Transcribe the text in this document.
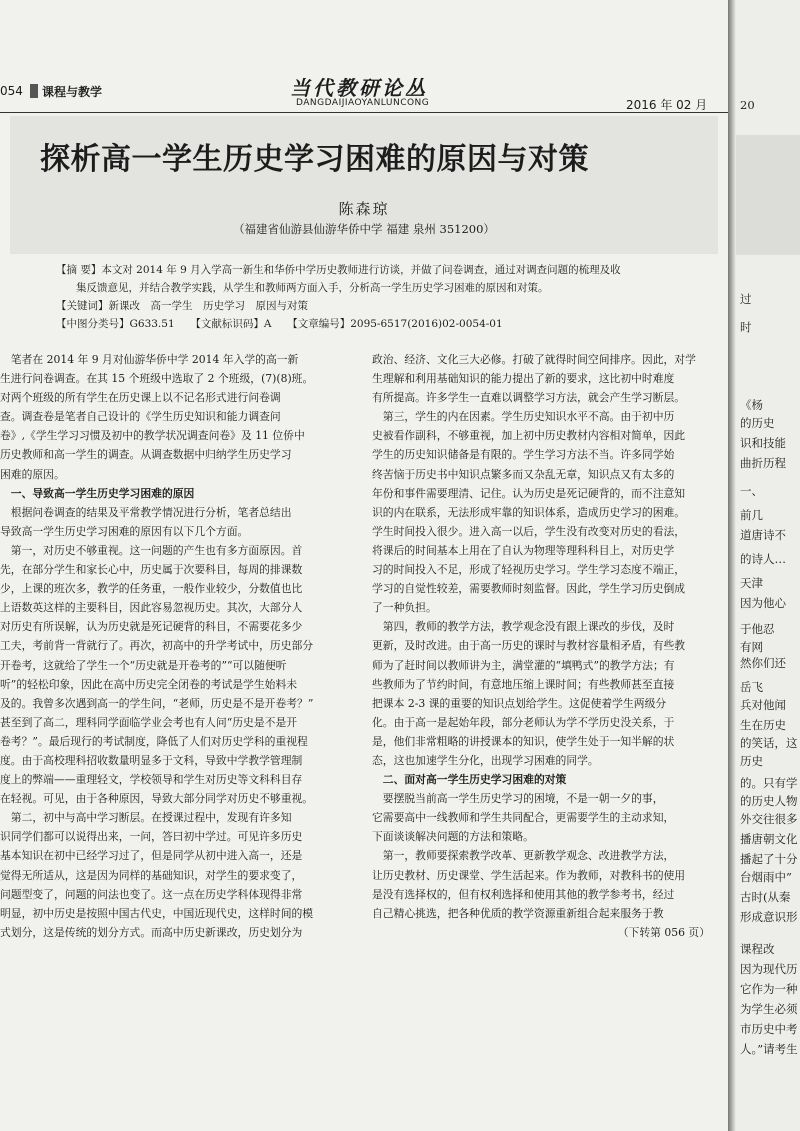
054 课程与教学	当代教研论丛
DANGDAIJIAOYANLUNCONG	2016 年 02 月
探析高一学生历史学习困难的原因与对策
陈森琼
（福建省仙游县仙游华侨中学 福建 泉州 351200）
【摘 要】本文对 2014 年 9 月入学高一新生和华侨中学历史教师进行访谈，并做了问卷调查，通过对调查问题的梳理及收
集反馈意见，并结合教学实践，从学生和教师两方面入手，分析高一学生历史学习困难的原因和对策。
【关键词】新课改　高一学生　历史学习　原因与对策
【中图分类号】G633.51　　【文献标识码】A　　【文章编号】2095-6517(2016)02-0054-01

　笔者在 2014 年 9 月对仙游华侨中学 2014 年入学的高一新

生进行问卷调查。在其 15 个班级中选取了 2 个班级，(7)(8)班。

对两个班级的所有学生在历史课上以不记名形式进行问卷调

查。调查卷是笔者自己设计的《学生历史知识和能力调查问

卷》,《学生学习习惯及初中的教学状况调查问卷》及 11 位侨中

历史教师和高一学生的调查。从调查数据中归纳学生历史学习

困难的原因。

　一、导致高一学生历史学习困难的原因

　根据问卷调查的结果及平常教学情况进行分析，笔者总结出

导致高一学生历史学习困难的原因有以下几个方面。

　第一，对历史不够重视。这一问题的产生也有多方面原因。首

先，在部分学生和家长心中，历史属于次要科目，每周的排课数

少，上课的班次多，教学的任务重，一般作业较少，分数值也比

上语数英这样的主要科目，因此容易忽视历史。其次，大部分人

对历史有所误解，认为历史就是死记硬背的科目，不需要花多少

工夫，考前背一背就行了。再次，初高中的升学考试中，历史部分

开卷考，这就给了学生一个“历史就是开卷考的”“可以随便听

听”的轻松印象，因此在高中历史完全闭卷的考试是学生始料未

及的。我曾多次遇到高一的学生问，“老师，历史是不是开卷考？”

甚至到了高二，理科同学面临学业会考也有人问“历史是不是开

卷考？”。最后现行的考试制度，降低了人们对历史学科的重视程

度。由于高校理科招收数量明显多于文科，导致中学教学管理制

度上的弊端——重理轻文，学校领导和学生对历史等文科科目存

在轻视。可见，由于各种原因，导致大部分同学对历史不够重视。

　第二，初中与高中学习断层。在授课过程中，发现有许多知

识同学们都可以说得出来，一问，答曰初中学过。可见许多历史

基本知识在初中已经学习过了，但是同学从初中进入高一，还是

觉得无所适从，这是因为同样的基础知识，对学生的要求变了，

问题型变了，问题的问法也变了。这一点在历史学科体现得非常

明显，初中历史是按照中国古代史，中国近现代史，这样时间的模

式划分，这是传统的划分方式。而高中历史新课改，历史划分为

政治、经济、文化三大必修。打破了就得时间空间排序。因此，对学

生理解和利用基础知识的能力提出了新的要求，这比初中时难度

有所提高。许多学生一直难以调整学习方法，就会产生学习断层。

　第三，学生的内在因素。学生历史知识水平不高。由于初中历

史被看作副科，不够重视，加上初中历史教材内容相对简单，因此

学生的历史知识储备是有限的。学生学习方法不当。许多同学始

终苦恼于历史书中知识点繁多而又杂乱无章，知识点又有太多的

年份和事件需要理清、记住。认为历史是死记硬背的，而不注意知

识的内在联系，无法形成牢靠的知识体系，造成历史学习的困难。

学生时间投入很少。进入高一以后，学生没有改变对历史的看法，

将课后的时间基本上用在了自认为物理等理科科目上，对历史学

习的时间投入不足，形成了轻视历史学习。学生学习态度不端正，

学习的自觉性较差，需要教师时刻监督。因此，学生学习历史倒成

了一种负担。

　第四，教师的教学方法，教学观念没有跟上课改的步伐，及时

更新，及时改进。由于高一历史的课时与教材容量相矛盾，有些教

师为了赶时间以教师讲为主，满堂灌的“填鸭式”的教学方法；有

些教师为了节约时间，有意地压缩上课时间；有些教师甚至直接

把课本 2-3 课的重要的知识点划给学生。这促使着学生两级分

化。由于高一是起始年段，部分老师认为学不学历史没关系，于

是，他们非常粗略的讲授课本的知识，使学生处于一知半解的状

态，这也加速学生分化，出现学习困难的同学。

　二、面对高一学生历史学习困难的对策

　要摆脱当前高一学生历史学习的困境，不是一朝一夕的事，

它需要高中一线教师和学生共同配合，更需要学生的主动求知，

下面谈谈解决问题的方法和策略。

　第一，教师要探索教学改革、更新教学观念、改进教学方法，

让历史教材、历史课堂、学生活起来。作为教师，对教科书的使用

是没有选择权的，但有权利选择和使用其他的教学参考书，经过

自己精心挑选，把各种优质的教学资源重新组合起来服务于教

（下转第 056 页）

20
过
时
《杨
的历史
识和技能
曲折历程
一、
前几
道唐诗不
的诗人…
天津
因为他心
于他忍
有网
然你们还
岳飞
兵对他闻
生在历史
的笑话，这
历史
的。只有学
的历史人物
外交往很多
播唐朝文化
播起了十分
台烟雨中”
古时(从秦
形成意识形
课程改
因为现代历
它作为一种
为学生必须
市历史中考
人。”请考生
